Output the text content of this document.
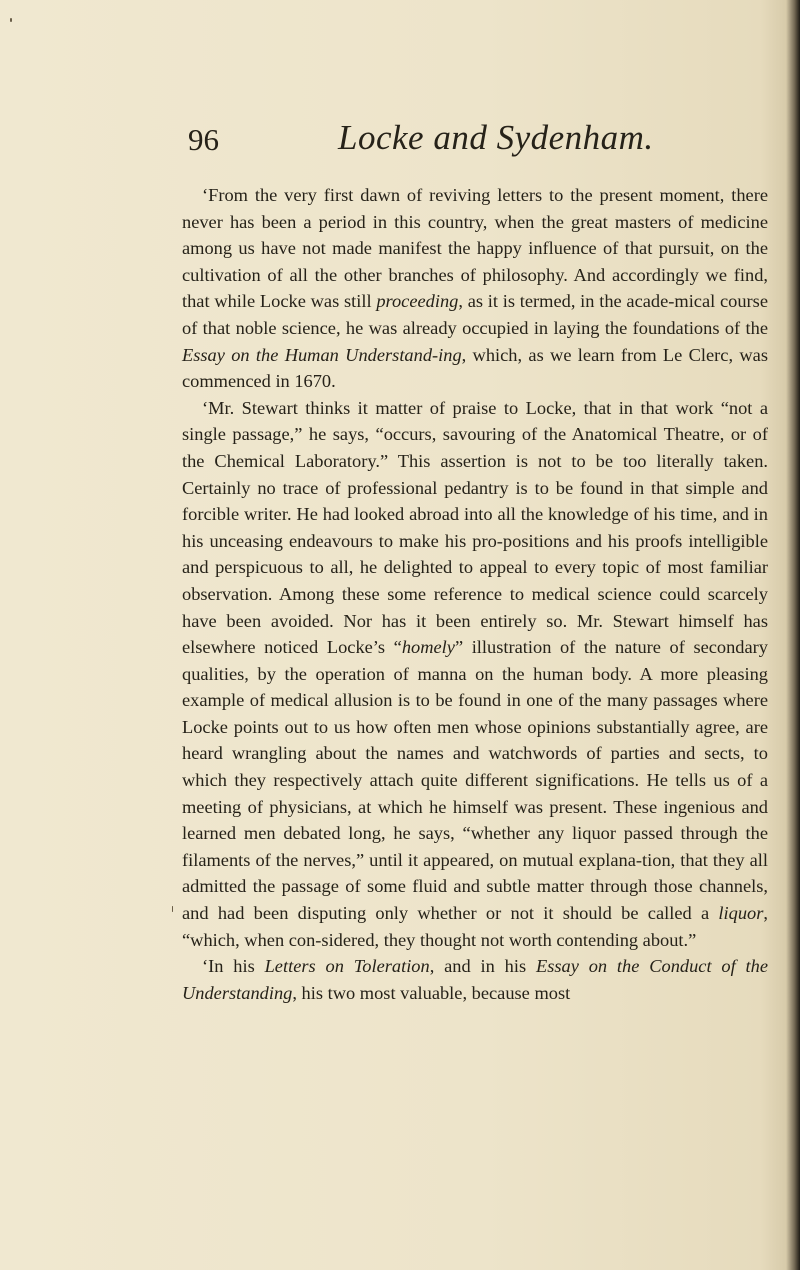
96	Locke and Sydenham.

‘From the very first dawn of reviving letters to the present moment, there never has been a period in this country, when the great masters of medicine among us have not made manifest the happy influence of that pursuit, on the cultivation of all the other branches of philosophy. And accordingly we find, that while Locke was still proceeding, as it is termed, in the acade-mical course of that noble science, he was already occupied in laying the foundations of the Essay on the Human Understand-ing, which, as we learn from Le Clerc, was commenced in 1670.

‘Mr. Stewart thinks it matter of praise to Locke, that in that work “not a single passage,” he says, “occurs, savouring of the Anatomical Theatre, or of the Chemical Laboratory.” This assertion is not to be too literally taken. Certainly no trace of professional pedantry is to be found in that simple and forcible writer. He had looked abroad into all the knowledge of his time, and in his unceasing endeavours to make his pro-positions and his proofs intelligible and perspicuous to all, he delighted to appeal to every topic of most familiar observation. Among these some reference to medical science could scarcely have been avoided. Nor has it been entirely so. Mr. Stewart himself has elsewhere noticed Locke’s “homely” illustration of the nature of secondary qualities, by the operation of manna on the human body. A more pleasing example of medical allusion is to be found in one of the many passages where Locke points out to us how often men whose opinions substantially agree, are heard wrangling about the names and watchwords of parties and sects, to which they respectively attach quite different significations. He tells us of a meeting of physicians, at which he himself was present. These ingenious and learned men debated long, he says, “whether any liquor passed through the filaments of the nerves,” until it appeared, on mutual explana-tion, that they all admitted the passage of some fluid and subtle matter through those channels, and had been disputing only whether or not it should be called a liquor, “which, when con-sidered, they thought not worth contending about.”

‘In his Letters on Toleration, and in his Essay on the Conduct of the Understanding, his two most valuable, because most
